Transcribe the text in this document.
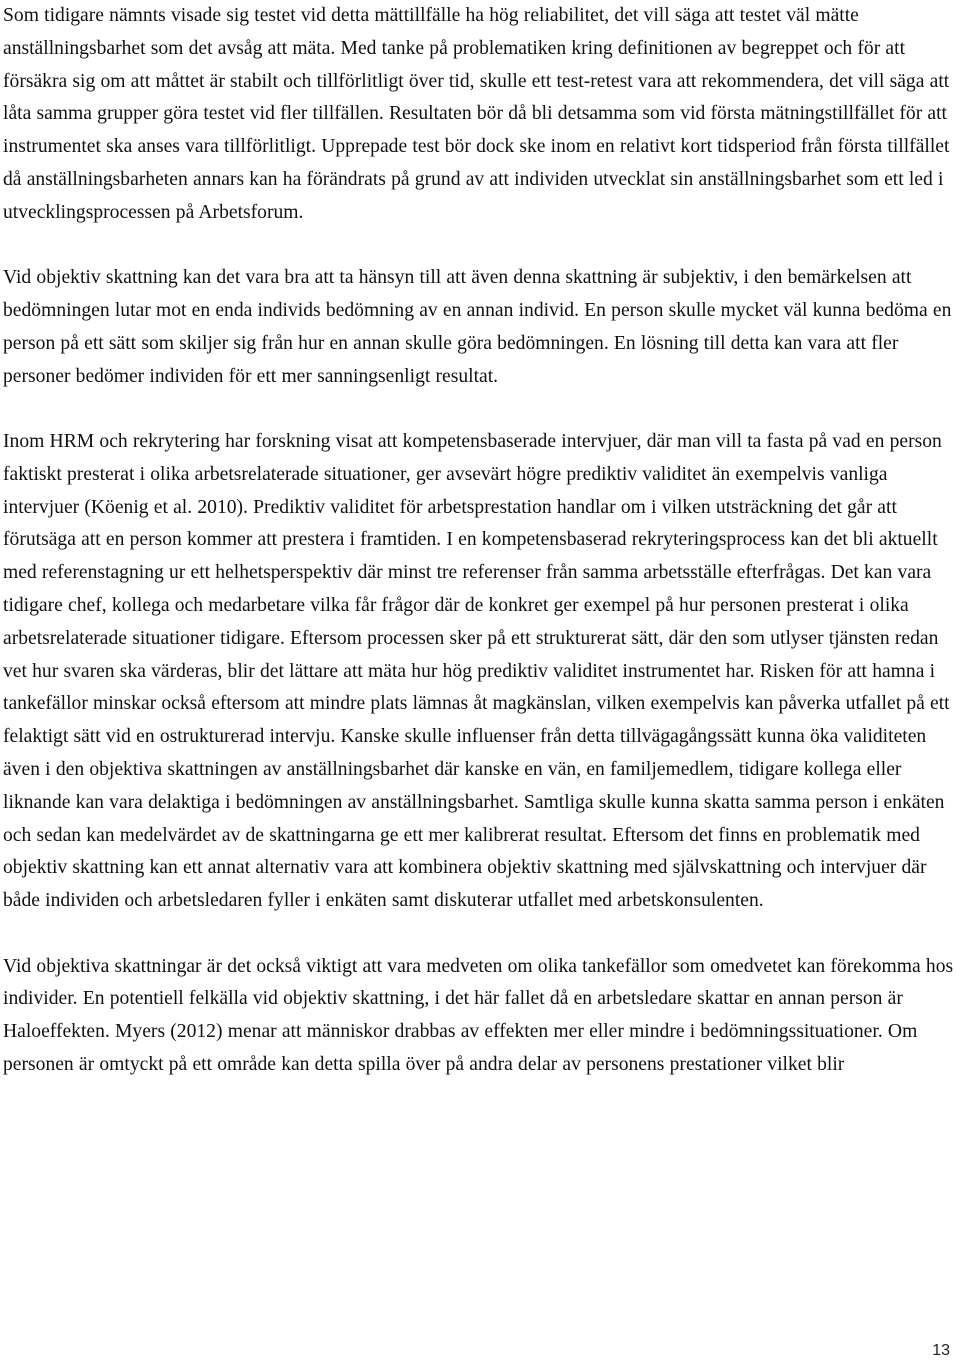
Som tidigare nämnts visade sig testet vid detta mättillfälle ha hög reliabilitet, det vill säga att testet väl mätte anställningsbarhet som det avsåg att mäta. Med tanke på problematiken kring definitionen av begreppet och för att försäkra sig om att måttet är stabilt och tillförlitligt över tid, skulle ett test-retest vara att rekommendera, det vill säga att låta samma grupper göra testet vid fler tillfällen. Resultaten bör då bli detsamma som vid första mätningstillfället för att instrumentet ska anses vara tillförlitligt. Upprepade test bör dock ske inom en relativt kort tidsperiod från första tillfället då anställningsbarheten annars kan ha förändrats på grund av att individen utvecklat sin anställningsbarhet som ett led i utvecklingsprocessen på Arbetsforum.

Vid objektiv skattning kan det vara bra att ta hänsyn till att även denna skattning är subjektiv, i den bemärkelsen att bedömningen lutar mot en enda individs bedömning av en annan individ. En person skulle mycket väl kunna bedöma en person på ett sätt som skiljer sig från hur en annan skulle göra bedömningen. En lösning till detta kan vara att fler personer bedömer individen för ett mer sanningsenligt resultat.

Inom HRM och rekrytering har forskning visat att kompetensbaserade intervjuer, där man vill ta fasta på vad en person faktiskt presterat i olika arbetsrelaterade situationer, ger avsevärt högre prediktiv validitet än exempelvis vanliga intervjuer (Köenig et al. 2010). Prediktiv validitet för arbetsprestation handlar om i vilken utsträckning det går att förutsäga att en person kommer att prestera i framtiden. I en kompetensbaserad rekryteringsprocess kan det bli aktuellt med referenstagning ur ett helhetsperspektiv där minst tre referenser från samma arbetsställe efterfrågas. Det kan vara tidigare chef, kollega och medarbetare vilka får frågor där de konkret ger exempel på hur personen presterat i olika arbetsrelaterade situationer tidigare. Eftersom processen sker på ett strukturerat sätt, där den som utlyser tjänsten redan vet hur svaren ska värderas, blir det lättare att mäta hur hög prediktiv validitet instrumentet har. Risken för att hamna i tankefällor minskar också eftersom att mindre plats lämnas åt magkänslan, vilken exempelvis kan påverka utfallet på ett felaktigt sätt vid en ostrukturerad intervju. Kanske skulle influenser från detta tillvägagångssätt kunna öka validiteten även i den objektiva skattningen av anställningsbarhet där kanske en vän, en familjemedlem, tidigare kollega eller liknande kan vara delaktiga i bedömningen av anställningsbarhet. Samtliga skulle kunna skatta samma person i enkäten och sedan kan medelvärdet av de skattningarna ge ett mer kalibrerat resultat. Eftersom det finns en problematik med objektiv skattning kan ett annat alternativ vara att kombinera objektiv skattning med självskattning och intervjuer där både individen och arbetsledaren fyller i enkäten samt diskuterar utfallet med arbetskonsulenten.

Vid objektiva skattningar är det också viktigt att vara medveten om olika tankefällor som omedvetet kan förekomma hos individer. En potentiell felkälla vid objektiv skattning, i det här fallet då en arbetsledare skattar en annan person är Haloeffekten. Myers (2012) menar att människor drabbas av effekten mer eller mindre i bedömningssituationer. Om personen är omtyckt på ett område kan detta spilla över på andra delar av personens prestationer vilket blir

13
